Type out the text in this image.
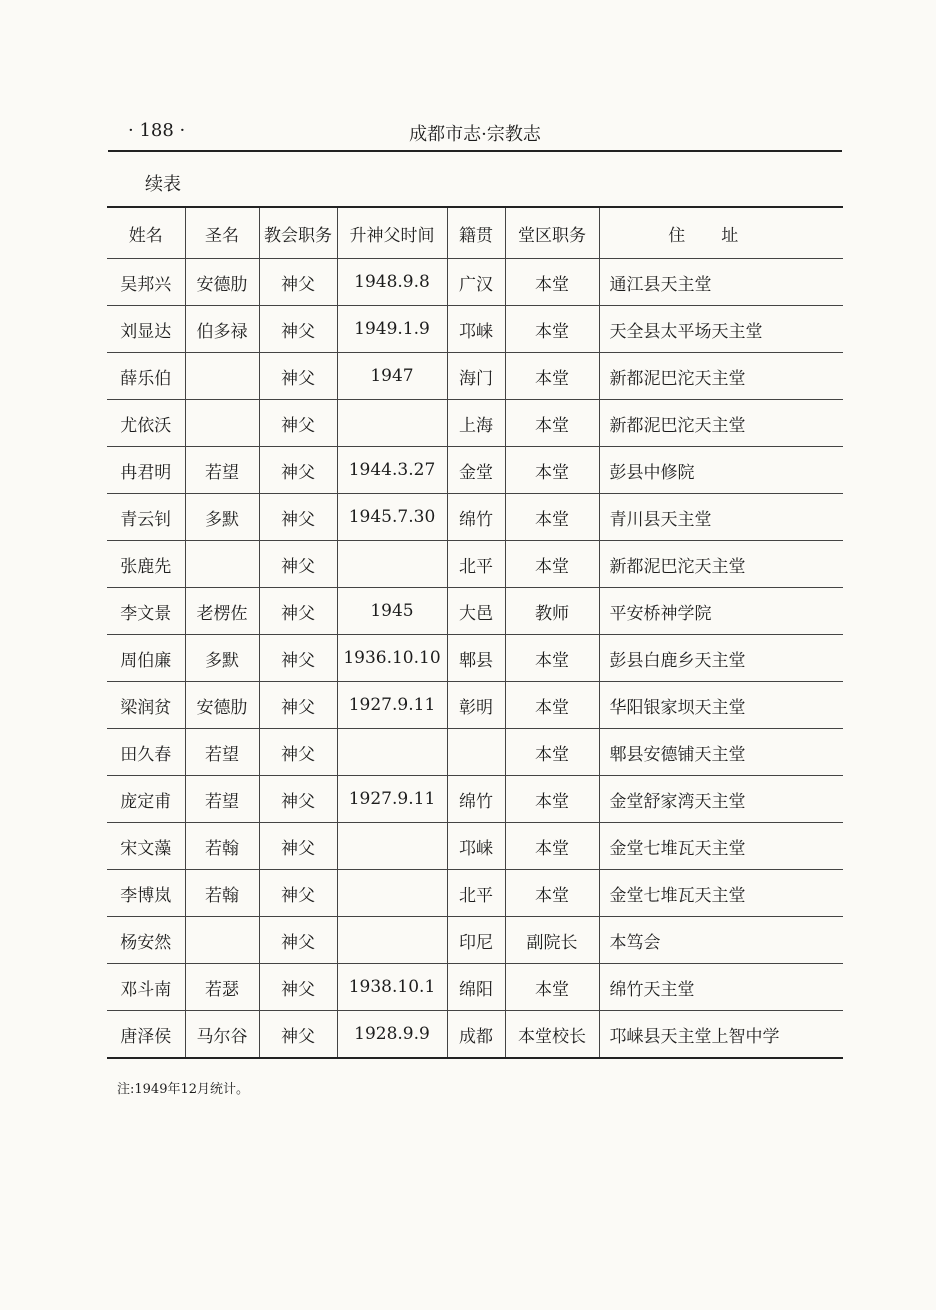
· 188 ·	成都市志·宗教志
续表
姓名	圣名	教会职务	升神父时间	籍贯	堂区职务	住址
吴邦兴	安德肋	神父	1948.9.8	广汉	本堂	通江县天主堂
刘显达	伯多禄	神父	1949.1.9	邛崃	本堂	天全县太平场天主堂
薛乐伯		神父	1947	海门	本堂	新都泥巴沱天主堂
尤依沃		神父		上海	本堂	新都泥巴沱天主堂
冉君明	若望	神父	1944.3.27	金堂	本堂	彭县中修院
青云钊	多默	神父	1945.7.30	绵竹	本堂	青川县天主堂
张鹿先		神父		北平	本堂	新都泥巴沱天主堂
李文景	老楞佐	神父	1945	大邑	教师	平安桥神学院
周伯廉	多默	神父	1936.10.10	郫县	本堂	彭县白鹿乡天主堂
梁润贫	安德肋	神父	1927.9.11	彰明	本堂	华阳银家坝天主堂
田久春	若望	神父			本堂	郫县安德铺天主堂
庞定甫	若望	神父	1927.9.11	绵竹	本堂	金堂舒家湾天主堂
宋文藻	若翰	神父		邛崃	本堂	金堂七堆瓦天主堂
李博岚	若翰	神父		北平	本堂	金堂七堆瓦天主堂
杨安然		神父		印尼	副院长	本笃会
邓斗南	若瑟	神父	1938.10.1	绵阳	本堂	绵竹天主堂
唐泽侯	马尔谷	神父	1928.9.9	成都	本堂校长	邛崃县天主堂上智中学
注:1949年12月统计。
